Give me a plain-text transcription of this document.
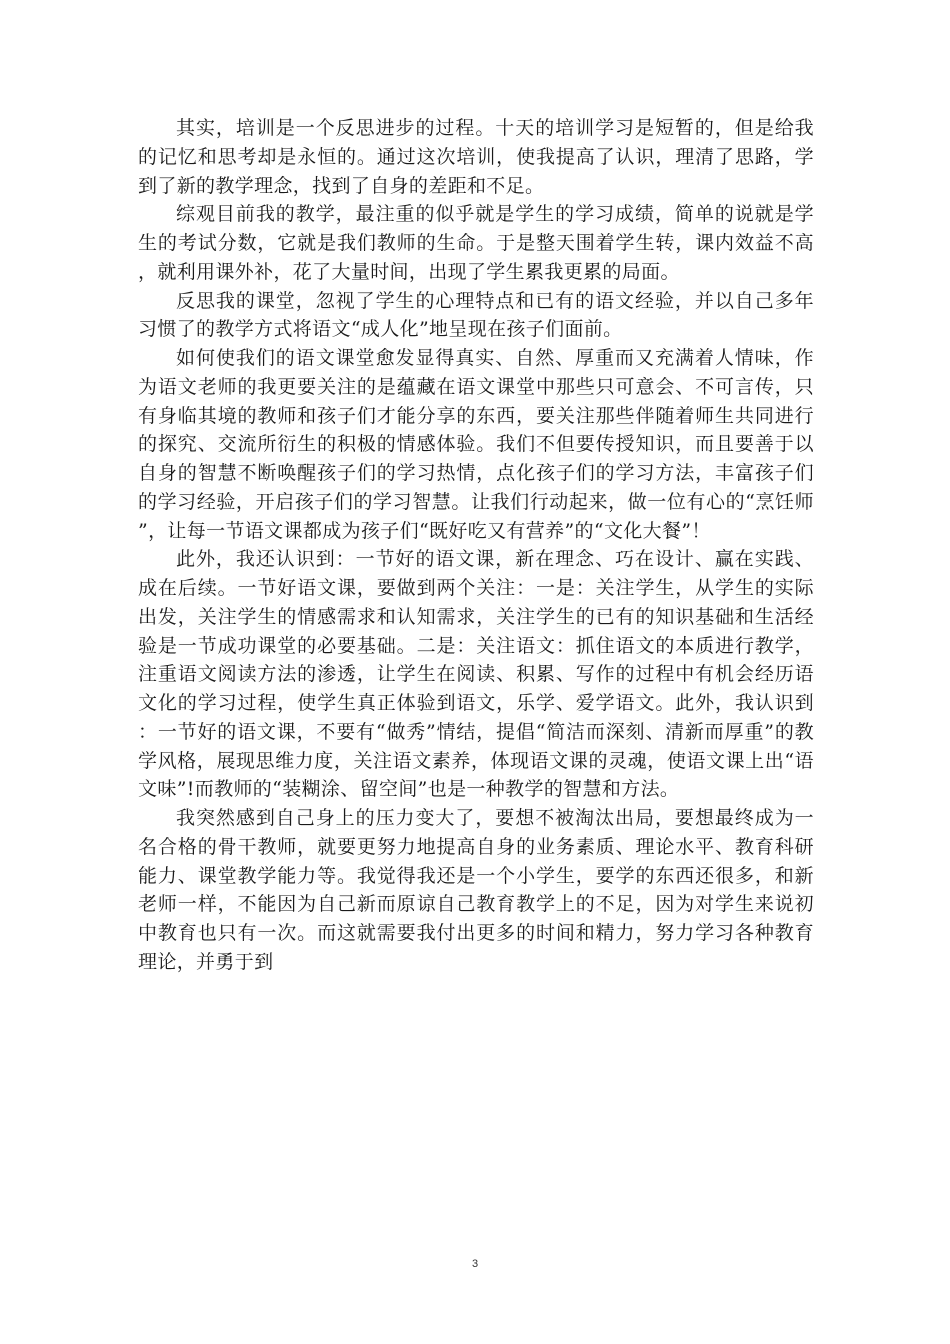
其实，培训是一个反思进步的过程。十天的培训学习是短暂的，但是给我的记忆和思考却是永恒的。通过这次培训，使我提高了认识，理清了思路，学到了新的教学理念，找到了自身的差距和不足。

综观目前我的教学，最注重的似乎就是学生的学习成绩，简单的说就是学生的考试分数，它就是我们教师的生命。于是整天围着学生转，课内效益不高，就利用课外补，花了大量时间，出现了学生累我更累的局面。

反思我的课堂，忽视了学生的心理特点和已有的语文经验，并以自己多年习惯了的教学方式将语文“成人化”地呈现在孩子们面前。

如何使我们的语文课堂愈发显得真实、自然、厚重而又充满着人情味，作为语文老师的我更要关注的是蕴藏在语文课堂中那些只可意会、不可言传，只有身临其境的教师和孩子们才能分享的东西，要关注那些伴随着师生共同进行的探究、交流所衍生的积极的情感体验。我们不但要传授知识，而且要善于以自身的智慧不断唤醒孩子们的学习热情，点化孩子们的学习方法，丰富孩子们的学习经验，开启孩子们的学习智慧。让我们行动起来，做一位有心的“烹饪师”，让每一节语文课都成为孩子们“既好吃又有营养”的“文化大餐”！

此外，我还认识到：一节好的语文课，新在理念、巧在设计、赢在实践、成在后续。一节好语文课，要做到两个关注：一是：关注学生，从学生的实际出发，关注学生的情感需求和认知需求，关注学生的已有的知识基础和生活经验是一节成功课堂的必要基础。二是：关注语文：抓住语文的本质进行教学，注重语文阅读方法的渗透，让学生在阅读、积累、写作的过程中有机会经历语文化的学习过程，使学生真正体验到语文，乐学、爱学语文。此外，我认识到：一节好的语文课，不要有“做秀”情结，提倡“简洁而深刻、清新而厚重”的教学风格，展现思维力度，关注语文素养，体现语文课的灵魂，使语文课上出“语文味”!而教师的“装糊涂、留空间”也是一种教学的智慧和方法。

我突然感到自己身上的压力变大了，要想不被淘汰出局，要想最终成为一名合格的骨干教师，就要更努力地提高自身的业务素质、理论水平、教育科研能力、课堂教学能力等。我觉得我还是一个小学生，要学的东西还很多，和新老师一样，不能因为自己新而原谅自己教育教学上的不足，因为对学生来说初中教育也只有一次。而这就需要我付出更多的时间和精力，努力学习各种教育理论，并勇于到

3
